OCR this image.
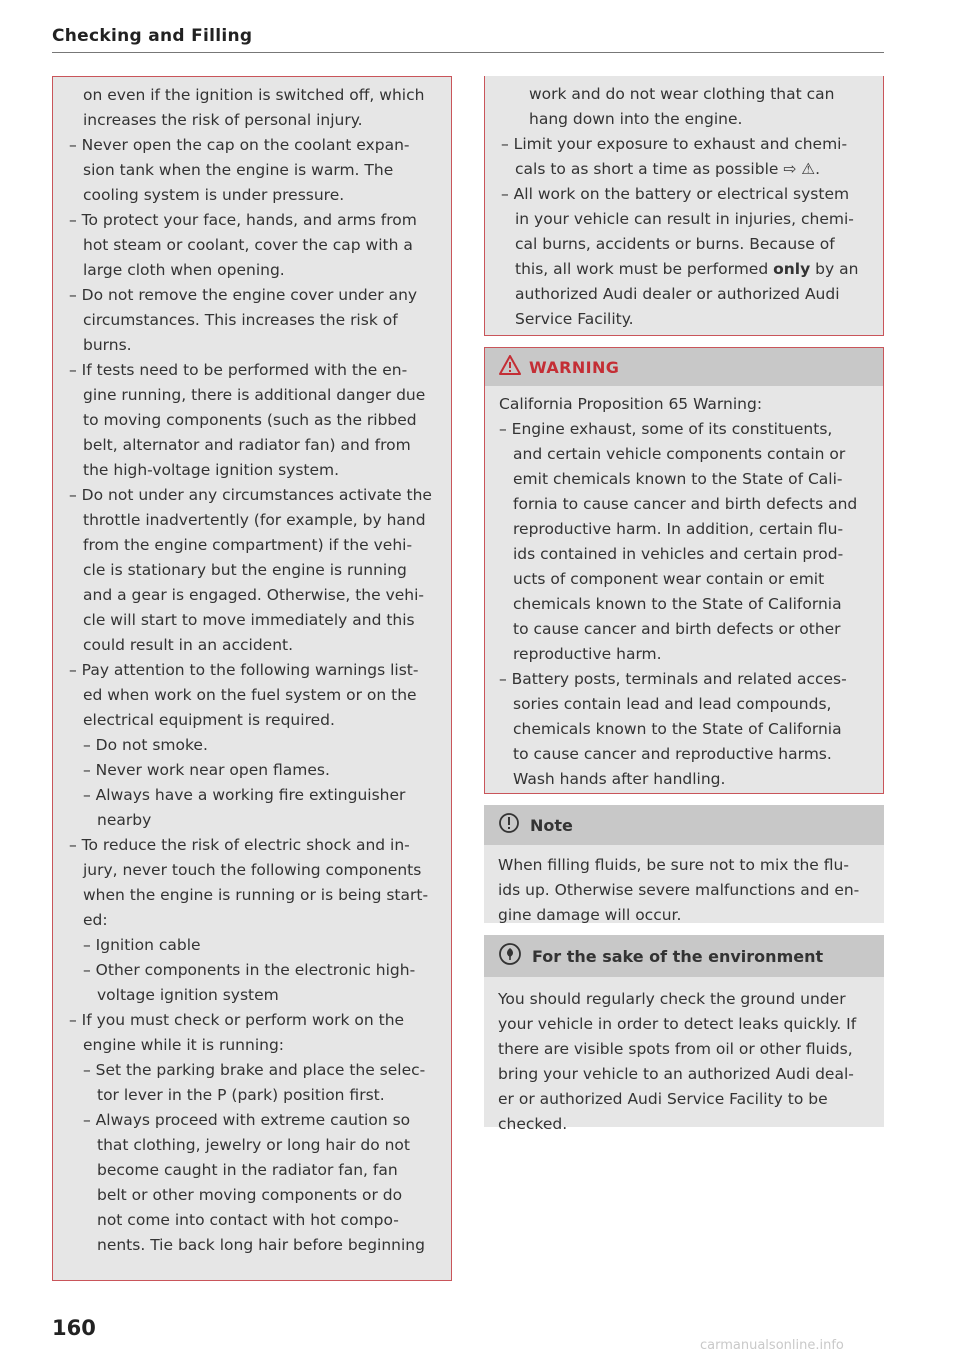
Checking and Filling
on even if the ignition is switched off, which
increases the risk of personal injury.
– Never open the cap on the coolant expan-
sion tank when the engine is warm. The
cooling system is under pressure.
– To protect your face, hands, and arms from
hot steam or coolant, cover the cap with a
large cloth when opening.
– Do not remove the engine cover under any
circumstances. This increases the risk of
burns.
– If tests need to be performed with the en-
gine running, there is additional danger due
to moving components (such as the ribbed
belt, alternator and radiator fan) and from
the high-voltage ignition system.
– Do not under any circumstances activate the
throttle inadvertently (for example, by hand
from the engine compartment) if the vehi-
cle is stationary but the engine is running
and a gear is engaged. Otherwise, the vehi-
cle will start to move immediately and this
could result in an accident.
– Pay attention to the following warnings list-
ed when work on the fuel system or on the
electrical equipment is required.
– Do not smoke.
– Never work near open flames.
– Always have a working fire extinguisher
nearby
– To reduce the risk of electric shock and in-
jury, never touch the following components
when the engine is running or is being start-
ed:
– Ignition cable
– Other components in the electronic high-
voltage ignition system
– If you must check or perform work on the
engine while it is running:
– Set the parking brake and place the selec-
tor lever in the P (park) position first.
– Always proceed with extreme caution so
that clothing, jewelry or long hair do not
become caught in the radiator fan, fan
belt or other moving components or do
not come into contact with hot compo-
nents. Tie back long hair before beginning
work and do not wear clothing that can
hang down into the engine.
– Limit your exposure to exhaust and chemi-
cals to as short a time as possible ⇨ ⚠.
– All work on the battery or electrical system
in your vehicle can result in injuries, chemi-
cal burns, accidents or burns. Because of
this, all work must be performed only by an
authorized Audi dealer or authorized Audi
Service Facility.
WARNING
California Proposition 65 Warning:
– Engine exhaust, some of its constituents,
and certain vehicle components contain or
emit chemicals known to the State of Cali-
fornia to cause cancer and birth defects and
reproductive harm. In addition, certain flu-
ids contained in vehicles and certain prod-
ucts of component wear contain or emit
chemicals known to the State of California
to cause cancer and birth defects or other
reproductive harm.
– Battery posts, terminals and related acces-
sories contain lead and lead compounds,
chemicals known to the State of California
to cause cancer and reproductive harms.
Wash hands after handling.
Note
When filling fluids, be sure not to mix the flu-
ids up. Otherwise severe malfunctions and en-
gine damage will occur.
For the sake of the environment
You should regularly check the ground under
your vehicle in order to detect leaks quickly. If
there are visible spots from oil or other fluids,
bring your vehicle to an authorized Audi deal-
er or authorized Audi Service Facility to be
checked.
160
carmanualsonline.info
